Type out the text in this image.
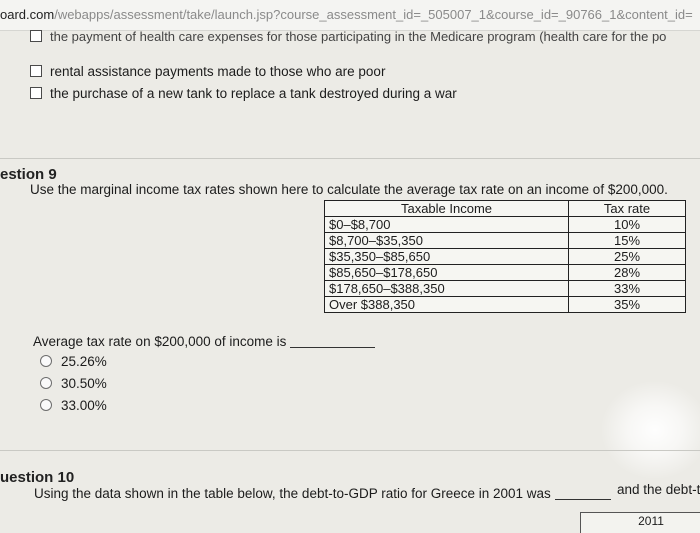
oard.com/webapps/assessment/take/launch.jsp?course_assessment_id=_505007_1&course_id=_90766_1&content_id=
the payment of health care expenses for those participating in the Medicare program (health care for the po
rental assistance payments made to those who are poor
the purchase of a new tank to replace a tank destroyed during a war
estion 9
Use the marginal income tax rates shown here to calculate the average tax rate on an income of $200,000.
Taxable Income	Tax rate
$0–$8,700	10%
$8,700–$35,350	15%
$35,350–$85,650	25%
$85,650–$178,650	28%
$178,650–$388,350	33%
Over $388,350	35%
Average tax rate on $200,000 of income is
25.26%
30.50%
33.00%
uestion 10
Using the data shown in the table below, the debt-to-GDP ratio for Greece in 2001 was	and the debt-t
2011
